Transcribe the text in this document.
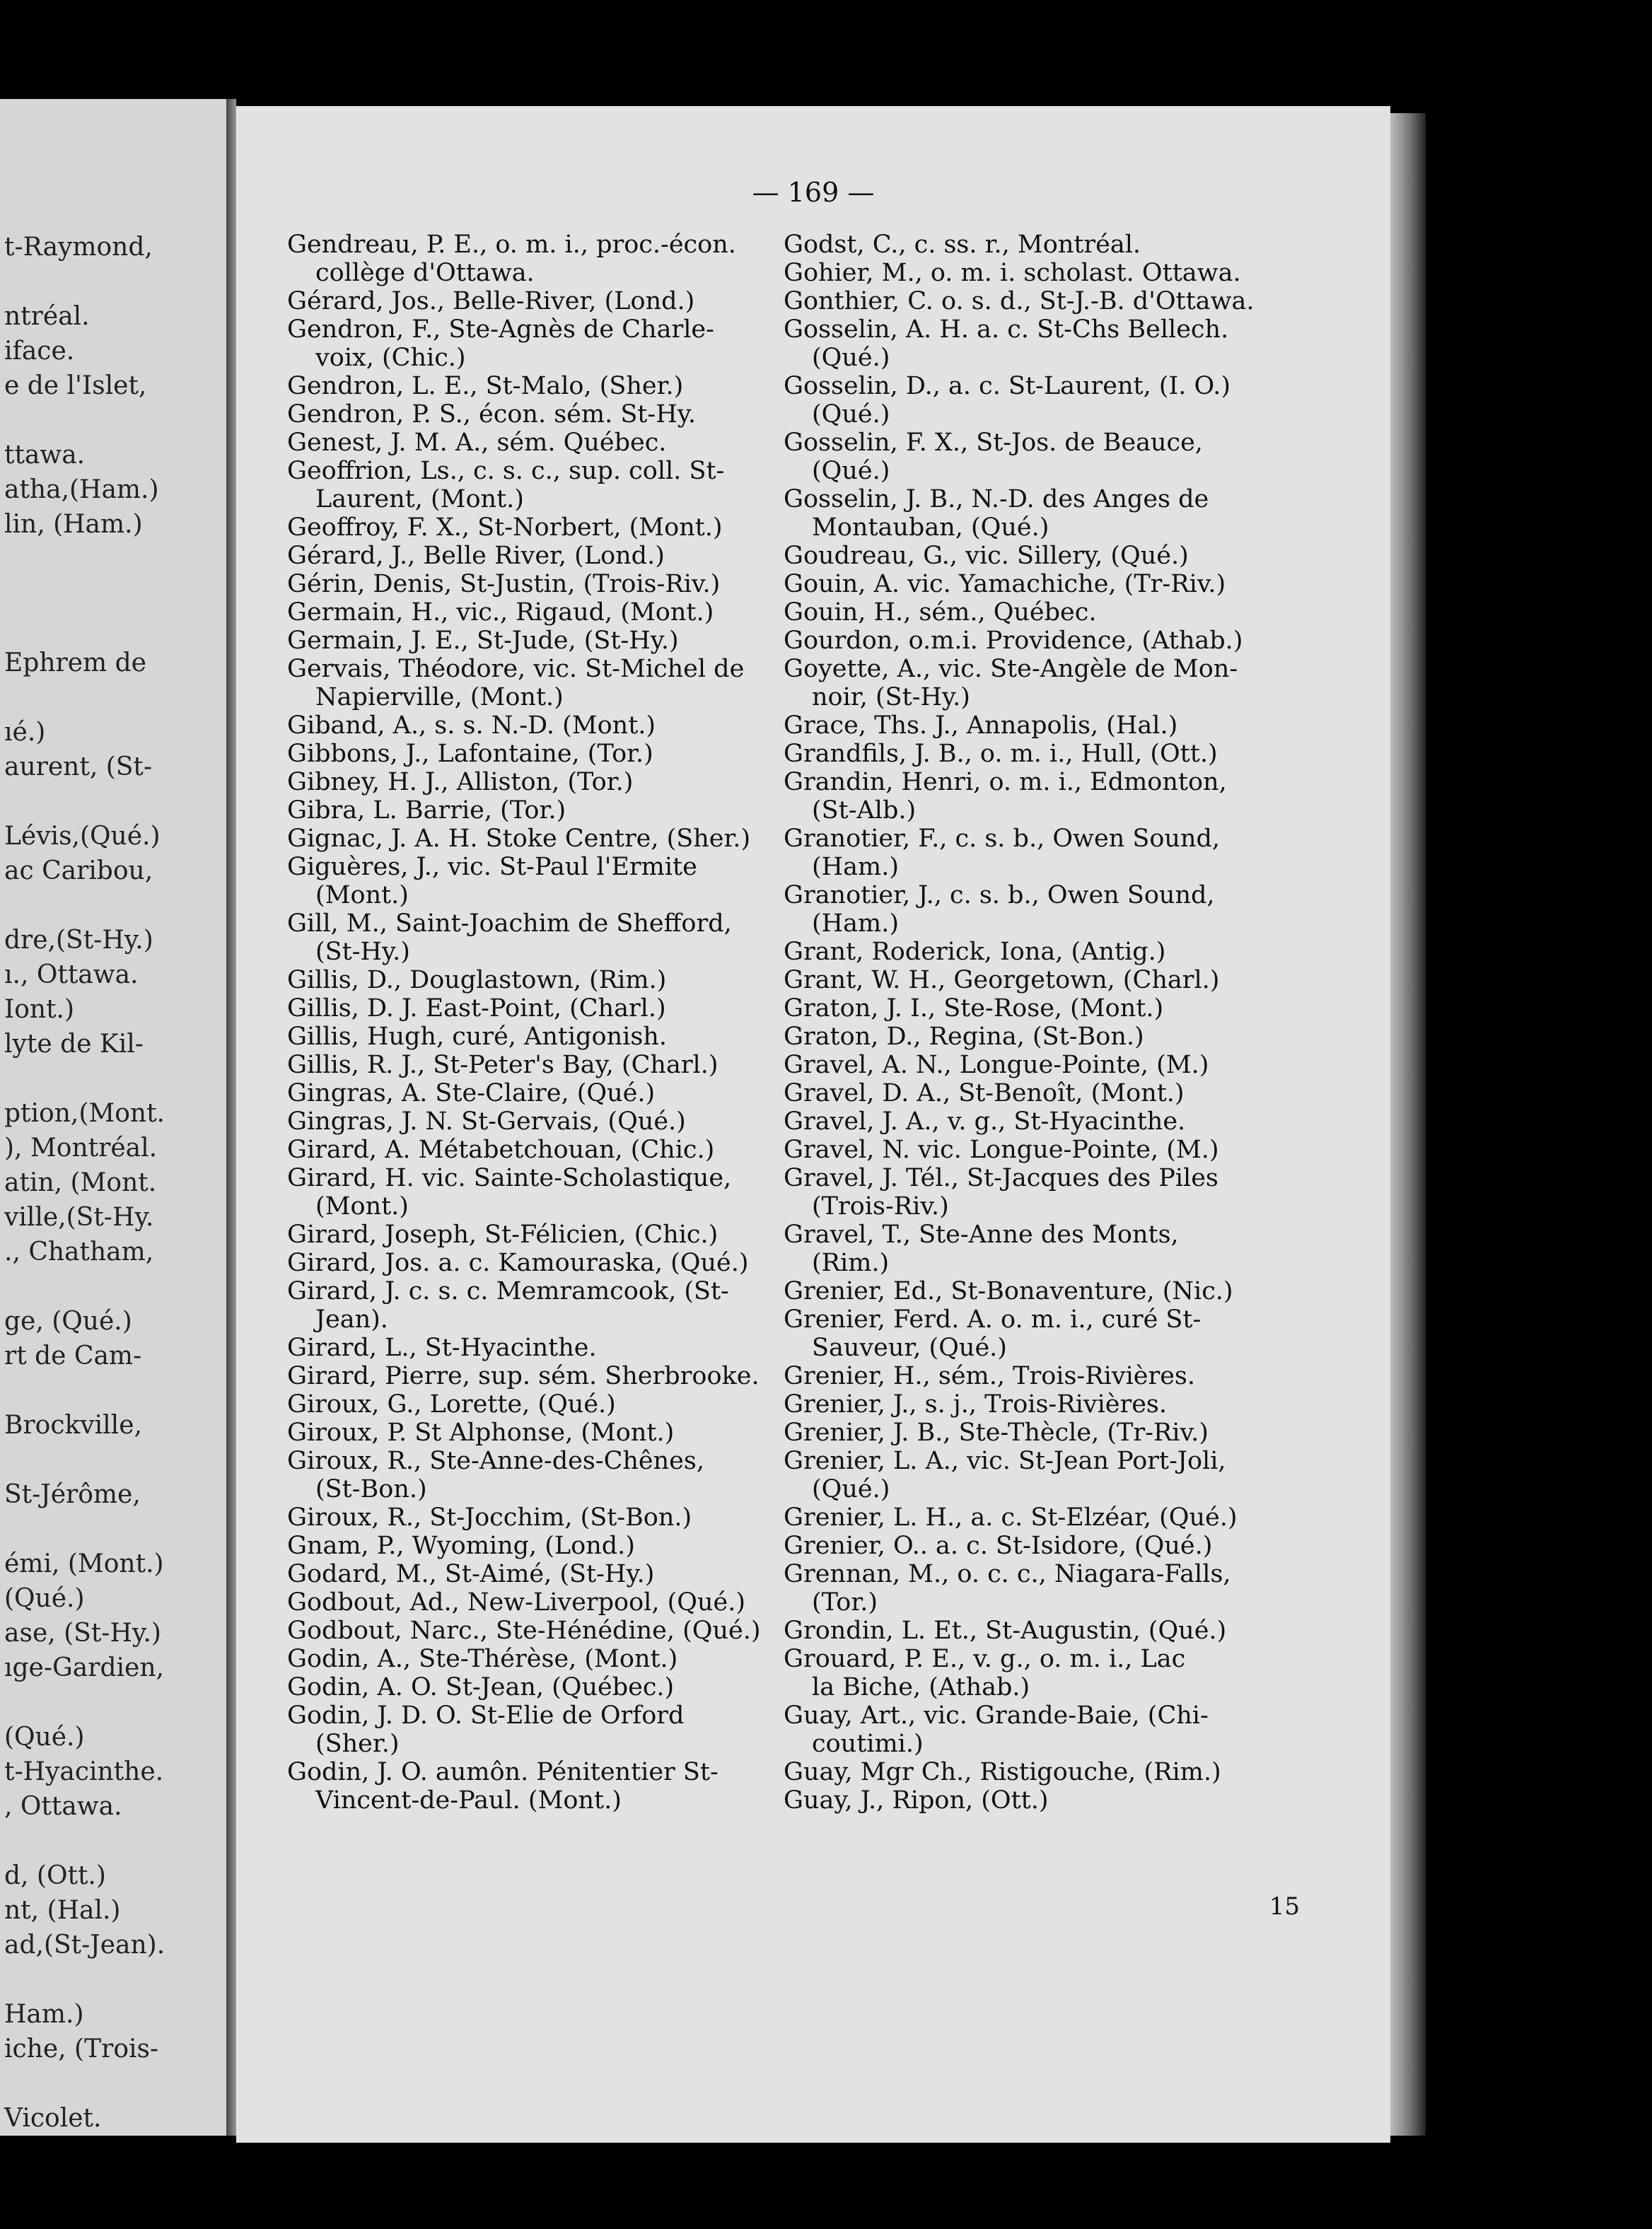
t-Raymond,
ntréal.
iface.
e de l'Islet,
ttawa.
atha,(Ham.)
lin, (Ham.)
Ephrem de
ıé.)
aurent, (St-
Lévis,(Qué.)
ac Caribou,
dre,(St-Hy.)
ı., Ottawa.
Iont.)
lyte de Kil-
ption,(Mont.
), Montréal.
atin, (Mont.
ville,(St-Hy.
., Chatham,
ge, (Qué.)
rt de Cam-
Brockville,
St-Jérôme,
émi, (Mont.)
(Qué.)
ase, (St-Hy.)
ıge-Gardien,
(Qué.)
t-Hyacinthe.
, Ottawa.
d, (Ott.)
nt, (Hal.)
ad,(St-Jean).
Ham.)
iche, (Trois-
Vicolet.
— 169 —
Gendreau, P. E., o. m. i., proc.-écon.
collège d'Ottawa.
Gérard, Jos., Belle-River, (Lond.)
Gendron, F., Ste-Agnès de Charle-
voix, (Chic.)
Gendron, L. E., St-Malo, (Sher.)
Gendron, P. S., écon. sém. St-Hy.
Genest, J. M. A., sém. Québec.
Geoffrion, Ls., c. s. c., sup. coll. St-
Laurent, (Mont.)
Geoffroy, F. X., St-Norbert, (Mont.)
Gérard, J., Belle River, (Lond.)
Gérin, Denis, St-Justin, (Trois-Riv.)
Germain, H., vic., Rigaud, (Mont.)
Germain, J. E., St-Jude, (St-Hy.)
Gervais, Théodore, vic. St-Michel de
Napierville, (Mont.)
Giband, A., s. s. N.-D. (Mont.)
Gibbons, J., Lafontaine, (Tor.)
Gibney, H. J., Alliston, (Tor.)
Gibra, L. Barrie, (Tor.)
Gignac, J. A. H. Stoke Centre, (Sher.)
Giguères, J., vic. St-Paul l'Ermite
(Mont.)
Gill, M., Saint-Joachim de Shefford,
(St-Hy.)
Gillis, D., Douglastown, (Rim.)
Gillis, D. J. East-Point, (Charl.)
Gillis, Hugh, curé, Antigonish.
Gillis, R. J., St-Peter's Bay, (Charl.)
Gingras, A. Ste-Claire, (Qué.)
Gingras, J. N. St-Gervais, (Qué.)
Girard, A. Métabetchouan, (Chic.)
Girard, H. vic. Sainte-Scholastique,
(Mont.)
Girard, Joseph, St-Félicien, (Chic.)
Girard, Jos. a. c. Kamouraska, (Qué.)
Girard, J. c. s. c. Memramcook, (St-
Jean).
Girard, L., St-Hyacinthe.
Girard, Pierre, sup. sém. Sherbrooke.
Giroux, G., Lorette, (Qué.)
Giroux, P. St Alphonse, (Mont.)
Giroux, R., Ste-Anne-des-Chênes,
(St-Bon.)
Giroux, R., St-Jocchim, (St-Bon.)
Gnam, P., Wyoming, (Lond.)
Godard, M., St-Aimé, (St-Hy.)
Godbout, Ad., New-Liverpool, (Qué.)
Godbout, Narc., Ste-Hénédine, (Qué.)
Godin, A., Ste-Thérèse, (Mont.)
Godin, A. O. St-Jean, (Québec.)
Godin, J. D. O. St-Elie de Orford
(Sher.)
Godin, J. O. aumôn. Pénitentier St-
Vincent-de-Paul. (Mont.)
Godst, C., c. ss. r., Montréal.
Gohier, M., o. m. i. scholast. Ottawa.
Gonthier, C. o. s. d., St-J.-B. d'Ottawa.
Gosselin, A. H. a. c. St-Chs Bellech.
(Qué.)
Gosselin, D., a. c. St-Laurent, (I. O.)
(Qué.)
Gosselin, F. X., St-Jos. de Beauce,
(Qué.)
Gosselin, J. B., N.-D. des Anges de
Montauban, (Qué.)
Goudreau, G., vic. Sillery, (Qué.)
Gouin, A. vic. Yamachiche, (Tr-Riv.)
Gouin, H., sém., Québec.
Gourdon, o.m.i. Providence, (Athab.)
Goyette, A., vic. Ste-Angèle de Mon-
noir, (St-Hy.)
Grace, Ths. J., Annapolis, (Hal.)
Grandfils, J. B., o. m. i., Hull, (Ott.)
Grandin, Henri, o. m. i., Edmonton,
(St-Alb.)
Granotier, F., c. s. b., Owen Sound,
(Ham.)
Granotier, J., c. s. b., Owen Sound,
(Ham.)
Grant, Roderick, Iona, (Antig.)
Grant, W. H., Georgetown, (Charl.)
Graton, J. I., Ste-Rose, (Mont.)
Graton, D., Regina, (St-Bon.)
Gravel, A. N., Longue-Pointe, (M.)
Gravel, D. A., St-Benoît, (Mont.)
Gravel, J. A., v. g., St-Hyacinthe.
Gravel, N. vic. Longue-Pointe, (M.)
Gravel, J. Tél., St-Jacques des Piles
(Trois-Riv.)
Gravel, T., Ste-Anne des Monts,
(Rim.)
Grenier, Ed., St-Bonaventure, (Nic.)
Grenier, Ferd. A. o. m. i., curé St-
Sauveur, (Qué.)
Grenier, H., sém., Trois-Rivières.
Grenier, J., s. j., Trois-Rivières.
Grenier, J. B., Ste-Thècle, (Tr-Riv.)
Grenier, L. A., vic. St-Jean Port-Joli,
(Qué.)
Grenier, L. H., a. c. St-Elzéar, (Qué.)
Grenier, O.. a. c. St-Isidore, (Qué.)
Grennan, M., o. c. c., Niagara-Falls,
(Tor.)
Grondin, L. Et., St-Augustin, (Qué.)
Grouard, P. E., v. g., o. m. i., Lac
la Biche, (Athab.)
Guay, Art., vic. Grande-Baie, (Chi-
coutimi.)
Guay, Mgr Ch., Ristigouche, (Rim.)
Guay, J., Ripon, (Ott.)
15
